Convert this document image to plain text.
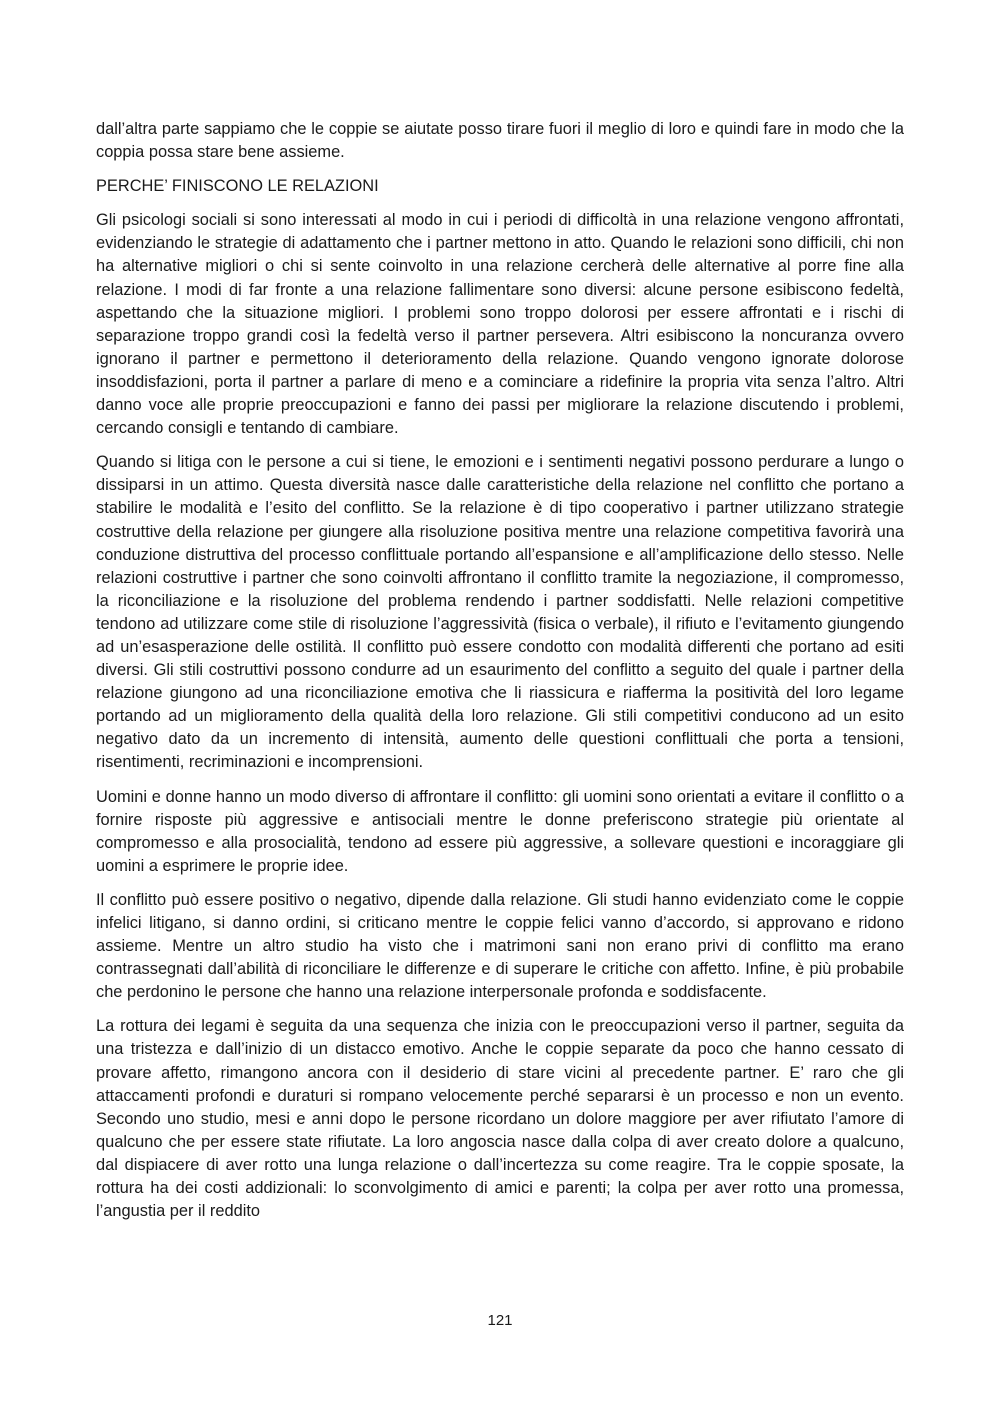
dall’altra parte sappiamo che le coppie se aiutate posso tirare fuori il meglio di loro e quindi fare in modo che la coppia possa stare bene assieme.

PERCHE’ FINISCONO LE RELAZIONI

Gli psicologi sociali si sono interessati al modo in cui i periodi di difficoltà in una relazione vengono affrontati, evidenziando le strategie di adattamento che i partner mettono in atto. Quando le relazioni sono difficili, chi non ha alternative migliori o chi si sente coinvolto in una relazione cercherà delle alternative al porre fine alla relazione. I modi di far fronte a una relazione fallimentare sono diversi: alcune persone esibiscono fedeltà, aspettando che la situazione migliori. I problemi sono troppo dolorosi per essere affrontati e i rischi di separazione troppo grandi così la fedeltà verso il partner persevera. Altri esibiscono la noncuranza ovvero ignorano il partner e permettono il deterioramento della relazione. Quando vengono ignorate dolorose insoddisfazioni, porta il partner a parlare di meno e a cominciare a ridefinire la propria vita senza l’altro. Altri danno voce alle proprie preoccupazioni e fanno dei passi per migliorare la relazione discutendo i problemi, cercando consigli e tentando di cambiare.

Quando si litiga con le persone a cui si tiene, le emozioni e i sentimenti negativi possono perdurare a lungo o dissiparsi in un attimo. Questa diversità nasce dalle caratteristiche della relazione nel conflitto che portano a stabilire le modalità e l’esito del conflitto. Se la relazione è di tipo cooperativo i partner utilizzano strategie costruttive della relazione per giungere alla risoluzione positiva mentre una relazione competitiva favorirà una conduzione distruttiva del processo conflittuale portando all’espansione e all’amplificazione dello stesso. Nelle relazioni costruttive i partner che sono coinvolti affrontano il conflitto tramite la negoziazione, il compromesso, la riconciliazione e la risoluzione del problema rendendo i partner soddisfatti. Nelle relazioni competitive tendono ad utilizzare come stile di risoluzione l’aggressività (fisica o verbale), il rifiuto e l’evitamento giungendo ad un’esasperazione delle ostilità. Il conflitto può essere condotto con modalità differenti che portano ad esiti diversi. Gli stili costruttivi possono condurre ad un esaurimento del conflitto a seguito del quale i partner della relazione giungono ad una riconciliazione emotiva che li riassicura e riafferma la positività del loro legame portando ad un miglioramento della qualità della loro relazione. Gli stili competitivi conducono ad un esito negativo dato da un incremento di intensità, aumento delle questioni conflittuali che porta a tensioni, risentimenti, recriminazioni e incomprensioni.

Uomini e donne hanno un modo diverso di affrontare il conflitto: gli uomini sono orientati a evitare il conflitto o a fornire risposte più aggressive e antisociali mentre le donne preferiscono strategie più orientate al compromesso e alla prosocialità, tendono ad essere più aggressive, a sollevare questioni e incoraggiare gli uomini a esprimere le proprie idee.

Il conflitto può essere positivo o negativo, dipende dalla relazione. Gli studi hanno evidenziato come le coppie infelici litigano, si danno ordini, si criticano mentre le coppie felici vanno d’accordo, si approvano e ridono assieme. Mentre un altro studio ha visto che i matrimoni sani non erano privi di conflitto ma erano contrassegnati dall’abilità di riconciliare le differenze e di superare le critiche con affetto. Infine, è più probabile che perdonino le persone che hanno una relazione interpersonale profonda e soddisfacente.

La rottura dei legami è seguita da una sequenza che inizia con le preoccupazioni verso il partner, seguita da una tristezza e dall’inizio di un distacco emotivo. Anche le coppie separate da poco che hanno cessato di provare affetto, rimangono ancora con il desiderio di stare vicini al precedente partner. E’ raro che gli attaccamenti profondi e duraturi si rompano velocemente perché separarsi è un processo e non un evento. Secondo uno studio, mesi e anni dopo le persone ricordano un dolore maggiore per aver rifiutato l’amore di qualcuno che per essere state rifiutate. La loro angoscia nasce dalla colpa di aver creato dolore a qualcuno, dal dispiacere di aver rotto una lunga relazione o dall’incertezza su come reagire. Tra le coppie sposate, la rottura ha dei costi addizionali: lo sconvolgimento di amici e parenti; la colpa per aver rotto una promessa, l’angustia per il reddito

121
